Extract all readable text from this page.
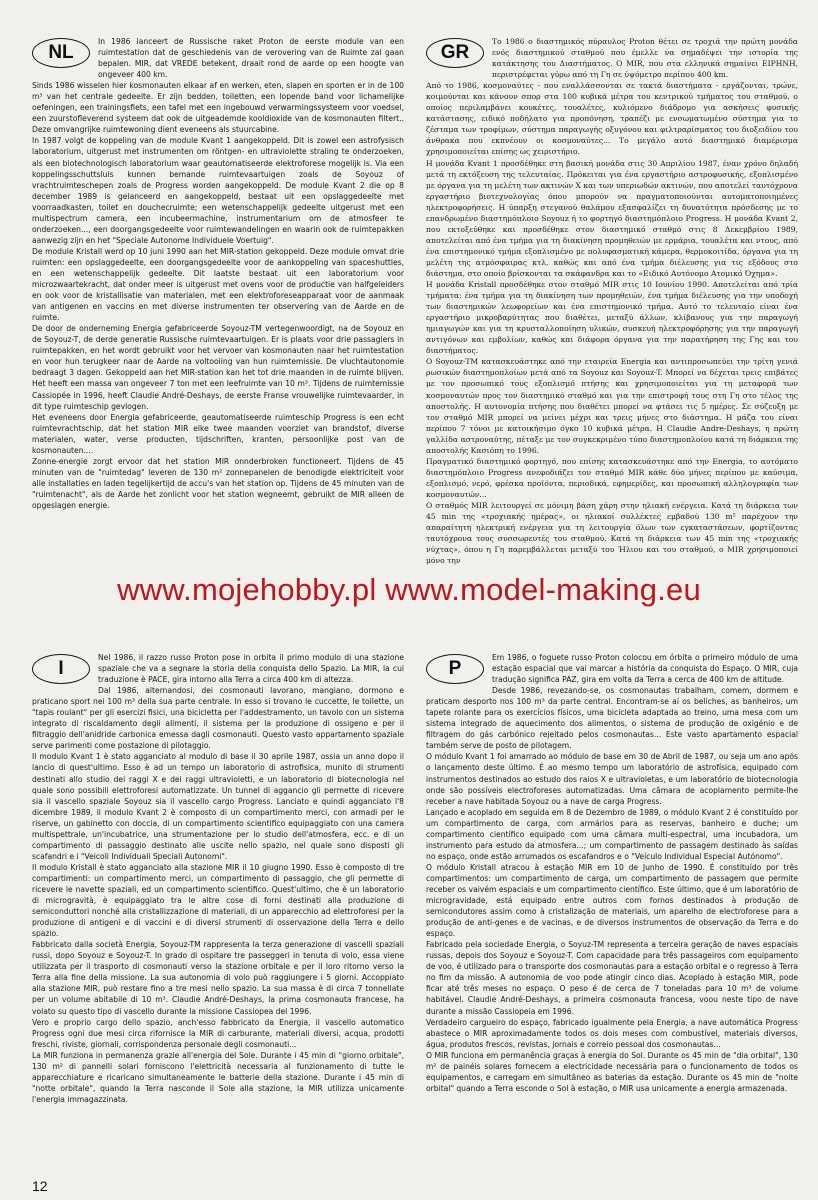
NL

In 1986 lanceert de Russische raket Proton de eerste module van een ruimtestation dat de geschiedenis van de verovering van de Ruimte zal gaan bepalen. MIR, dat VREDE betekent, draait rond de aarde op een hoogte van ongeveer 400 km.

Sinds 1986 wisselen hier kosmonauten elkaar af en werken, eten, slapen en sporten er in de 100 m³ van het centrale gedeelte. Er zijn bedden, toiletten, een lopende band voor lichamelijke oefeningen, een trainingsfiets, een tafel met een ingebouwd verwarmingssysteem voor voedsel, een zuurstofleverend systeem dat ook de uitgeademde kooldioxide van de kosmonauten filtert.. Deze omvangrijke ruimtewoning dient eveneens als stuurcabine.

In 1987 volgt de koppeling van de module Kvant 1 aangekoppeld. Dit is zowel een astrofysisch laboratorium, uitgerust met instrumenten om röntgen- en ultraviolette straling te onderzoeken, als een biotechnologisch laboratorium waar geautomatiseerde elektroforese mogelijk is. Via een koppelingsschuttsluis kunnen bemande ruimtevaartuigen zoals de Soyouz of vrachtruimteschepen zoals de Progress worden aangekoppeld. De module Kvant 2 die op 8 december 1989 is gelanceerd en aangekoppeld, bestaat uit een opslaggedeelte met voorraadkasten, toilet en douchecruimte; een wetenschappelijk gedeelte uitgerust met een multispectrum camera, een incubeermachine, instrumentarium om de atmosfeer te onderzoeken..., een doorgangsgedeelte voor ruimtewandelingen en waarin ook de ruimtepakken aanwezig zijn en het "Speciale Autonome Individuele Voertuig".

De module Kristall werd op 10 juni 1990 aan het MIR-station gekoppeld. Deze module omvat drie ruimten: een opslaggedeelte, een doorgangsgedeelte voor de aankoppeling van spaceshuttles, en een wetenschappelijk gedeelte. Dit laatste bestaat uit een laboratorium voor microzwaartekracht, dat onder meer is uitgerust met ovens voor de productie van halfgeleiders en ook voor de kristallisatie van materialen, met een elektroforeseapparaat voor de aanmaak van antigenen en vaccins en met diverse instrumenten ter observering van de Aarde en de ruimte.

De door de onderneming Energia gefabriceerde Soyouz-TM vertegenwoordigt, na de Soyouz en de Soyouz-T, de derde generatie Russische ruimtevaartuigen. Er is plaats voor drie passagiers in ruimtepakken, en het wordt gebruikt voor het vervoer van kosmonauten naar het ruimtestation en voor hun terugkeer naar de Aarde na voltooiing van hun ruimtemissie. De vluchtautonomie bedraagt 3 dagen. Gekoppeld aan het MIR-station kan het tot drie maanden in de ruimte blijven. Het heeft een massa van ongeveer 7 ton met een leefruimte van 10 m³. Tijdens de ruimtemissie Cassiopée in 1996, heeft Claudie André-Deshays, de eerste Franse vrouwelijke ruimtevaarder, in dit type ruimteschip gevlogen.

Het eveneens door Energia gefabriceerde, geautomatiseerde ruimteschip Progress is een echt ruimtevrachtschip, dat het station MIR elke twee maanden voorziet van brandstof, diverse materialen, water, verse producten, tijdschriften, kranten, persoonlijke post van de kosmonauten....

Zonne-energie zorgt ervoor dat het station MIR onnderbroken functioneert. Tijdens de 45 minuten van de "ruimtedag" leveren de 130 m² zonnepanelen de benodigde elektriciteit voor alle installaties en laden tegelijkertijd de accu's van het station op. Tijdens de 45 minuten van de "ruimtenacht", als de Aarde het zonlicht voor het station wegneemt, gebruikt de MIR alleen de opgeslagen energie.

GR

Το 1986 ο διαστημικός πύραυλος Proton θέτει σε τροχιά την πρώτη μονάδα ενός διαστημικού σταθμού που έμελλε να σημαδέψει την ιστορία της κατάκτησης του Διαστήματος. Ο MIR, που στα ελληνικά σημαίνει ΕΙΡΗΝΗ, περιστρέφεται γύρω από τη Γη σε ύψόμετρο περίπου 400 km.

Από το 1986, κοσμοναύτες - που εναλλάσσονται σε τακτά διαστήματα - εργάζονται, τρώνε, κοιμούνται και κάνουν σπορ στα 100 κυβικά μέτρα του κεντρικού τμήματος του σταθμού, ο οποίος περιλαμβάνει κουκέτες, τουαλέτες, κυλιόμενο διάδρομο για ασκήσεις φυσικής κατάστασης, ειδικό ποδήλατο για προπόνηση, τραπέζι με ενσωματωμένο σύστημα για το ζέσταμα των τροφίμων, σύστημα παραγωγής οξυγόνου και φιλτραρίσματος του διοξειδίου του άνθρακα που εκπνέουν οι κοσμοναύτες... Το μεγάλο αυτό διαστημικό διαμέρισμα χρησιμοποιείται επίσης ως χειριστήριο.

Η μονάδα Kvant 1 προσδέθηκε στη βασική μονάδα στις 30 Απριλίου 1987, έναν χρόνο δηλαδή μετά τη εκτόξευση της τελευταίας. Πρόκειται για ένα εργαστήριο αστροφυσικής, εξοπλισμένο με όργανα για τη μελέτη των ακτινών Χ και των υπεριωδών ακτινών, που αποτελεί ταυτόχρονα εργαστήριο βιοτεχνολογίας όπου μπορούν να πραγματοποιούνται αυτοματοποιημένες ηλεκτροφορήσεις. Η ύπαρξη στεγανού θαλάμου εξασφαλίζει τη δυνατότητα πρόσδεσης με το επανδρωμένο διαστημόπλοιο Soyouz ή το φορτηγό διαστημόπλοιο Progress. Η μονάδα Kvant 2, που εκτοξεύθηκε και προσδέθηκε στον διαστημικό σταθμό στις 8 Δεκεμβρίου 1989, αποτελείται από ένα τμήμα για τη διακίνηση προμηθειών με ερμάρια, τουαλέτα και ντους, από ένα επιστημονικό τμήμα εξοπλισμένο με πολυφασματική κάμερα, θερμοκοιτίδα, όργανα για τη μελέτη της ατμόσφαιρας κτλ, καθώς και από ένα τμήμα διέλευσης για τις εξόδους στο διάστημα, στο οποίο βρίσκονται τα σκάφανδρα και το «Ειδικό Αυτόνομο Ατομικό Όχημα».

Η μονάδα Kristall προσδέθηκε στον σταθμό MIR στις 10 Ιουνίου 1990. Αποτελείται από τρία τμήματα: ένα τμήμα για τη διακίνηση των προμηθειών, ένα τμήμα διέλευσης για την υποδοχή των διαστημικών λεωφορείων και ένα επιστημονικό τμήμα. Αυτό το τελευταίο είναι ένα εργαστήριο μικροβαρύτητας που διαθέτει, μεταξύ άλλων, κλίβανους για την παραγωγή ημιαγωγών και για τη κρυσταλλοποίηση υλικών, συσκευή ηλεκτροφόρησης για την παραγωγή αντιγόνων και εμβολίων, καθώς και διάφορα όργανα για την παρατήρηση της Γης και του διαστήματος.

Ο Soyouz-TM κατασκευάστηκε από την εταιρεία Energia και αντιπροσωπεύει την τρίτη γενιά ρωσικών διαστημοπλοίων μετά από τα Soyouz και Soyouz-T. Μπορεί να δέχεται τρεις επιβάτες με τον προσωπικό τους εξοπλισμό πτήσης και χρησιμοποιείται για τη μεταφορά των κοσμοναυτών προς τον διαστημικό σταθμό και για την επιστροφή τους στη Γη στο τέλος της αποστολής. Η αυτονομία πτήσης που διαθέτει μπορεί να φτάσει τις 5 ημέρες. Σε σύζευξη με τον σταθμό MIR μπορεί να μείνει μέχρι και τρεις μήνες στο διάστημα. Η μάζα του είναι περίπου 7 τόνοι με κατοικήσιμο όγκο 10 κυβικά μέτρα. Η Claudie Andre-Deshays, η πρώτη γαλλίδα αστροναύτης, πέταξε με τον συγκεκριμένο τύπο διαστημοπλοίου κατά τη διάρκεια της αποστολής Κασιόπη το 1996.

Πραγματικό διαστημικό φορτηγό, που επίσης κατασκευάστηκε από την Energia, το αυτόματο διαστημόπλοιο Progress ανεφοδιάζει τον σταθμό MIR κάθε δύο μήνες περίπου με καύσιμα, εξοπλισμό, νερό, φρέσκα προϊόντα, περιοδικά, εφημερίδες, και προσωπική αλληλογραφία των κοσμοναυτών...

Ο σταθμός MIR λειτουργεί σε μόνιμη βάση χάρη στην ηλιακή ενέργεια. Κατά τη διάρκεια των 45 min της «τροχιακής ημέρας», οι ηλιακοί συλλέκτες εμβαδού 130 m² παρέχουν την απαραίτητη ηλεκτρική ενέργεια για τη λειτουργία όλων των εγκαταστάσεων, φορτίζοντας ταυτόχρονα τους συσσωρευτές του σταθμού. Κατά τη διάρκεια των 45 min της «τροχιακής νύχτας», όπου η Γη παρεμβάλλεται μεταξύ του Ήλιου και του σταθμού, ο MIR χρησιμοποιεί μόνο την

www.mojehobby.pl www.model-making.eu
I

Nel 1986, il razzo russo Proton pose in orbita il primo modulo di una stazione spaziale che va a segnare la storia della conquista dello Spazio. La MIR, la cui traduzione è PACE, gira intorno alla Terra a circa 400 km di altezza.

Dal 1986, alternandosi, dei cosmonauti lavorano, mangiano, dormono e praticano sport nei 100 m³ della sua parte centrale. In esso si trovano le cuccette, le toilette, un "tapis roulant" per gli esercizi fisici, una bicicletta per l'addestramento, un tavolo con un sistema integrato di riscaldamento degli alimenti, il sistema per la produzione di ossigeno e per il filtraggio dell'anidride carbonica emessa dagli cosmonauti. Questo vasto appartamento spaziale serve parimenti come postazione di pilotaggio.

Il modulo Kvant 1 è stato agganciato al modulo di base il 30 aprile 1987, ossia un anno dopo il lancio di quest'ultimo. Esso è ad un tempo un laboratorio di astrofisica, munito di strumenti destinati allo studio dei raggi X e dei raggi ultravioletti, e un laboratorio di biotecnologia nel quale sono possibili elettroforesi automatizzate. Un tunnel di aggancio gli permette di ricevere sia il vascello spaziale Soyouz sia il vascello cargo Progress. Lanciato e quindi agganciato l'8 dicembre 1989, il modulo Kvant 2 è composto di un compartimento merci, con armadi per le riserve, un gabinetto con doccia, di un compartimento scientifico equipaggiato con una camera multispettrale, un'incubatrice, una strumentazione per lo studio dell'atmosfera, ecc. e di un compartimento di passaggio destinato alle uscite nello spazio, nel quale sono disposti gli scafandri e i "Veicoli Individuali Speciali Autonomi".

Il modulo Kristall è stato agganciato alla stazione MIR il 10 giugno 1990. Esso è composto di tre compartimenti: un compartimento merci, un compartimento di passaggio, che gli permette di ricevere le navette spaziali, ed un compartimento scientifico. Quest'ultimo, che è un laboratorio di microgravità, è equipaggiato tra le altre cose di forni destinati alla produzione di semiconduttori nonché alla cristallizzazione di materiali, di un apparecchio ad elettroforesi per la produzione di antigeni e di vaccini e di diversi strumenti di osservazione della Terra e dello spazio.

Fabbricato dalla società Energia, Soyouz-TM rappresenta la terza generazione di vascelli spaziali russi, dopo Soyouz e Soyouz-T. In grado di ospitare tre passeggeri in tenuta di volo, essa viene utilizzata per il trasporto di cosmonauti verso la stazione orbitale e per il loro ritorno verso la Terra alla fine della missione. La sua autonomia di volo può raggiungere i 5 giorni. Accoppiato alla stazione MIR, può restare fino a tre mesi nello spazio. La sua massa è di circa 7 tonnellate per un volume abitabile di 10 m³. Claudie André-Deshays, la prima cosmonauta francese, ha volato su questo tipo di vascello durante la missione Cassiopea del 1996.

Vero e proprio cargo dello spazio, anch'esso fabbricato da Energia, il vascello automatico Progress ogni due mesi circa rifornisce la MIR di carburante, materiali diversi, acqua, prodotti freschi, riviste, giornali, corrispondenza personale degli cosmonauti...

La MIR funziona in permanenza grazie all'energia del Sole. Durante i 45 min di "giorno orbitale", 130 m² di pannelli solari forniscono l'elettricità necessaria al funzionamento di tutte le apparecchiature e ricaricano simultaneamente le batterie della stazione. Durante i 45 min di "notte orbitale", quando la Terra nasconde il Sole alla stazione, la MIR utilizza unicamente l'energia immagazzinata.

P

Em 1986, o foguete russo Proton colocou em órbita o primeiro módulo de uma estação espacial que vai marcar a história da conquista do Espaço. O MIR, cuja tradução significa PAZ, gira em volta da Terra a cerca de 400 km de altitude.

Desde 1986, revezando-se, os cosmonautas trabalham, comem, dormem e praticam desporto nos 100 m³ da parte central. Encontram-se aí os beliches, as banheiros, um tapete rolante para os exercícios físicos, uma bicicleta adaptada ao treino, uma mesa com um sistema integrado de aquecimento dos alimentos, o sistema de produção de oxigénio e de filtragem do gás carbónico rejeitado pelos cosmonautas... Este vasto apartamento espacial também serve de posto de pilotagem.

O módulo Kvant 1 foi amarrado ao módulo de base em 30 de Abril de 1987, ou seja um ano após o lançamento deste último. É ao mesmo tempo um laboratório de astrofísica, equipado com instrumentos destinados ao estudo dos raios X e ultravioletas, e um laboratório de biotecnologia onde são possíveis electroforeses automatizadas. Uma câmara de acoplamento permite-lhe receber a nave habitada Soyouz ou a nave de carga Progress.

Lançado e acoplado em seguida em 8 de Dezembro de 1989, o módulo Kvant 2 é constituído por um compartimento de carga, com armários para as reservas, banheiro e duche; um compartimento científico equipado com uma câmara multi-espectral, uma incubadora, um instrumento para estudo da atmosfera...; um compartimento de passagem destinado às saídas no espaço, onde estão arrumados os escafandros e o "Veículo Individual Especial Autónomo".

O módulo Kristall atracou à estação MIR em 10 de Junho de 1990. É constituído por três compartimentos: um compartimento de carga, um compartimento de passagem que permite receber os vaivém espaciais e um compartimento científico. Este último, que é um laboratório de microgravidade, está equipado entre outros com fornos destinados à produção de semicondutores assim como à cristalização de materiais, um aparelho de electroforese para a produção de anti-genes e de vacinas, e de diversos instrumentos de observação da Terra e do espaço.

Fabricado pela sociedade Energia, o Soyuz-TM representa a terceira geração de naves espaciais russas, depois dos Soyouz e Soyouz-T. Com capacidade para três passageiros com equipamento de voo, é utilizado para o transporte dos cosmonautas para a estação orbital e o regresso à Terra no fim da missão. A autonomia de voo pode atingir cinco dias. Acoplado à estação MIR, pode ficar até três meses no espaço. O peso é de cerca de 7 toneladas para 10 m³ de volume habitável. Claudie André-Deshays, a primeira cosmonauta francesa, voou neste tipo de nave durante a missão Cassiopeia em 1996.

Verdadeiro cargueiro do espaço, fabricado igualmente pela Energia, a nave automática Progress abastece o MIR aproximadamente todos os dois meses com combustível, materiais diversos, água, produtos frescos, revistas, jornais e correio pessoal dos cosmonautas...

O MIR funciona em permanência graças à energia do Sol. Durante os 45 min de "dia orbital", 130 m² de painéis solares fornecem a electricidade necessária para o funcionamento de todos os equipamentos, e carregam em simultâneo as baterias da estação. Durante os 45 min de "noite orbital" quando a Terra esconde o Sol à estação, o MIR usa unicamente a energia armazenada.

12
